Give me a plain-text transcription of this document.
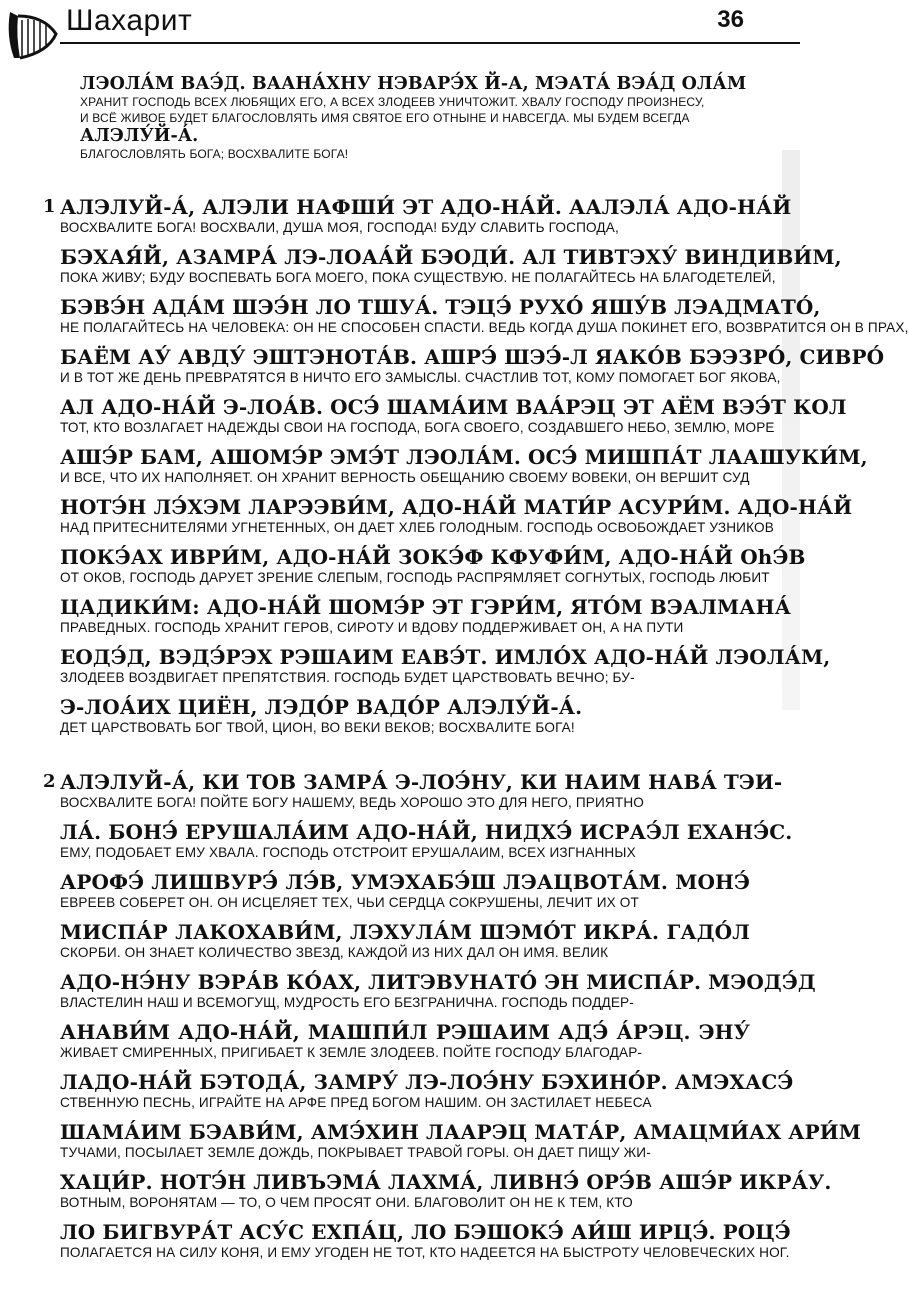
Шахарит	36
ЛЭОЛА́М ВАЭ́Д. ВААНА́ХНУ НЭВАРЭ́Х Й-А, МЭАТА́ ВЭА́Д ОЛА́М
ХРАНИТ ГОСПОДЬ ВСЕХ ЛЮБЯЩИХ ЕГО, А ВСЕХ ЗЛОДЕЕВ УНИЧТОЖИТ. ХВАЛУ ГОСПОДУ ПРОИЗНЕСУ,
И ВСЁ ЖИВОЕ БУДЕТ БЛАГОСЛОВЛЯТЬ ИМЯ СВЯТОЕ ЕГО ОТНЫНЕ И НАВСЕГДА. МЫ БУДЕМ ВСЕГДА
АЛЭЛУ́Й-А́.
БЛАГОСЛОВЛЯТЬ БОГА; ВОСХВАЛИТЕ БОГА!
1 АЛЭЛУЙ-А́, АЛЭЛИ НАФШИ́ ЭТ АДО-НА́Й. ААЛЭЛА́ АДО-НА́Й
ВОСХВАЛИТЕ БОГА! ВОСХВАЛИ, ДУША МОЯ, ГОСПОДА! БУДУ СЛАВИТЬ ГОСПОДА,
БЭХАЯ́Й, АЗАМРА́ ЛЭ-ЛОАА́Й БЭОДИ́. АЛ ТИВТЭХУ́ ВИНДИВИ́М,
ПОКА ЖИВУ; БУДУ ВОСПЕВАТЬ БОГА МОЕГО, ПОКА СУЩЕСТВУЮ. НЕ ПОЛАГАЙТЕСЬ НА БЛАГОДЕТЕЛЕЙ,
БЭВЭ́Н АДА́М ШЭЭ́Н ЛО ТШУА́. ТЭЦЭ́ РУХО́ ЯШУ́В ЛЭАДМАТО́,
НЕ ПОЛАГАЙТЕСЬ НА ЧЕЛОВЕКА: ОН НЕ СПОСОБЕН СПАСТИ. ВЕДЬ КОГДА ДУША ПОКИНЕТ ЕГО, ВОЗВРАТИТСЯ ОН В ПРАХ,
БАЁМ АУ́ АВДУ́ ЭШТЭНОТА́В. АШРЭ́ ШЭЭ́-Л ЯАКО́В БЭЭЗРО́, СИВРО́
И В ТОТ ЖЕ ДЕНЬ ПРЕВРАТЯТСЯ В НИЧТО ЕГО ЗАМЫСЛЫ. СЧАСТЛИВ ТОТ, КОМУ ПОМОГАЕТ БОГ ЯКОВА,
АЛ АДО-НА́Й Э-ЛОА́В. ОСЭ́ ШАМА́ИМ ВАА́РЭЦ ЭТ АЁМ ВЭЭ́Т КОЛ
ТОТ, КТО ВОЗЛАГАЕТ НАДЕЖДЫ СВОИ НА ГОСПОДА, БОГА СВОЕГО, СОЗДАВШЕГО НЕБО, ЗЕМЛЮ, МОРЕ
АШЭ́Р БАМ, АШОМЭ́Р ЭМЭ́Т ЛЭОЛА́М. ОСЭ́ МИШПА́Т ЛААШУКИ́М,
И ВСЕ, ЧТО ИХ НАПОЛНЯЕТ. ОН ХРАНИТ ВЕРНОСТЬ ОБЕЩАНИЮ СВОЕМУ ВОВЕКИ, ОН ВЕРШИТ СУД
НОТЭ́Н ЛЭ́ХЭМ ЛАРЭЭВИ́М, АДО-НА́Й МАТИ́Р АСУРИ́М. АДО-НА́Й
НАД ПРИТЕСНИТЕЛЯМИ УГНЕТЕННЫХ, ОН ДАЕТ ХЛЕБ ГОЛОДНЫМ. ГОСПОДЬ ОСВОБОЖДАЕТ УЗНИКОВ
ПОКЭ́АХ ИВРИ́М, АДО-НА́Й ЗОКЭ́Ф КФУФИ́М, АДО-НА́Й ОhЭ́В
ОТ ОКОВ, ГОСПОДЬ ДАРУЕТ ЗРЕНИЕ СЛЕПЫМ, ГОСПОДЬ РАСПРЯМЛЯЕТ СОГНУТЫХ, ГОСПОДЬ ЛЮБИТ
ЦАДИКИ́М: АДО-НА́Й ШОМЭ́Р ЭТ ГЭРИ́М, ЯТО́М ВЭАЛМАНА́
ПРАВЕДНЫХ. ГОСПОДЬ ХРАНИТ ГЕРОВ, СИРОТУ И ВДОВУ ПОДДЕРЖИВАЕТ ОН, А НА ПУТИ
ЕОДЭ́Д, ВЭДЭ́РЭХ РЭШАИМ ЕАВЭ́Т. ИМЛО́Х АДО-НА́Й ЛЭОЛА́М,
ЗЛОДЕЕВ ВОЗДВИГАЕТ ПРЕПЯТСТВИЯ. ГОСПОДЬ БУДЕТ ЦАРСТВОВАТЬ ВЕЧНО; БУ-
Э-ЛОА́ИХ ЦИЁН, ЛЭДО́Р ВАДО́Р АЛЭЛУ́Й-А́.
ДЕТ ЦАРСТВОВАТЬ БОГ ТВОЙ, ЦИОН, ВО ВЕКИ ВЕКОВ; ВОСХВАЛИТЕ БОГА!
2 АЛЭЛУЙ-А́, КИ ТОВ ЗАМРА́ Э-ЛОЭ́НУ, КИ НАИМ НАВА́ ТЭИ-
ВОСХВАЛИТЕ БОГА! ПОЙТЕ БОГУ НАШЕМУ, ВЕДЬ ХОРОШО ЭТО ДЛЯ НЕГО, ПРИЯТНО
ЛА́. БОНЭ́ ЕРУШАЛА́ИМ АДО-НА́Й, НИДХЭ́ ИСРАЭ́Л ЕХАНЭ́С.
ЕМУ, ПОДОБАЕТ ЕМУ ХВАЛА. ГОСПОДЬ ОТСТРОИТ ЕРУШАЛАИМ, ВСЕХ ИЗГНАННЫХ
АРОФЭ́ ЛИШВУРЭ́ ЛЭ́В, УМЭХАБЭ́Ш ЛЭАЦВОТА́М. МОНЭ́
ЕВРЕЕВ СОБЕРЕТ ОН. ОН ИСЦЕЛЯЕТ ТЕХ, ЧЬИ СЕРДЦА СОКРУШЕНЫ, ЛЕЧИТ ИХ ОТ
МИСПА́Р ЛАКОХАВИ́М, ЛЭХУЛА́М ШЭМО́Т ИКРА́. ГАДО́Л
СКОРБИ. ОН ЗНАЕТ КОЛИЧЕСТВО ЗВЕЗД, КАЖДОЙ ИЗ НИХ ДАЛ ОН ИМЯ. ВЕЛИК
АДО-НЭ́НУ ВЭРА́В КО́АХ, ЛИТЭВУНАТО́ ЭН МИСПА́Р. МЭОДЭ́Д
ВЛАСТЕЛИН НАШ И ВСЕМОГУЩ, МУДРОСТЬ ЕГО БЕЗГРАНИЧНА. ГОСПОДЬ ПОДДЕР-
АНАВИ́М АДО-НА́Й, МАШПИ́Л РЭШАИМ АДЭ́ А́РЭЦ. ЭНУ́
ЖИВАЕТ СМИРЕННЫХ, ПРИГИБАЕТ К ЗЕМЛЕ ЗЛОДЕЕВ. ПОЙТЕ ГОСПОДУ БЛАГОДАР-
ЛАДО-НА́Й БЭТОДА́, ЗАМРУ́ ЛЭ-ЛОЭ́НУ БЭХИНО́Р. АМЭХАСЭ́
СТВЕННУЮ ПЕСНЬ, ИГРАЙТЕ НА АРФЕ ПРЕД БОГОМ НАШИМ. ОН ЗАСТИЛАЕТ НЕБЕСА
ШАМА́ИМ БЭАВИ́М, АМЭ́ХИН ЛААРЭЦ МАТА́Р, АМАЦМИ́АХ АРИ́М
ТУЧАМИ, ПОСЫЛАЕТ ЗЕМЛЕ ДОЖДЬ, ПОКРЫВАЕТ ТРАВОЙ ГОРЫ. ОН ДАЕТ ПИЩУ ЖИ-
ХАЦИ́Р. НОТЭ́Н ЛИВЪЭМА́ ЛАХМА́, ЛИВНЭ́ ОРЭ́В АШЭ́Р ИКРА́У.
ВОТНЫМ, ВОРОНЯТАМ — ТО, О ЧЕМ ПРОСЯТ ОНИ. БЛАГОВОЛИТ ОН НЕ К ТЕМ, КТО
ЛО БИГВУРА́Т АСУ́С ЕХПА́Ц, ЛО БЭШОКЭ́ АИ́Ш ИРЦЭ́. РОЦЭ́
ПОЛАГАЕТСЯ НА СИЛУ КОНЯ, И ЕМУ УГОДЕН НЕ ТОТ, КТО НАДЕЕТСЯ НА БЫСТРОТУ ЧЕЛОВЕЧЕСКИХ НОГ.
